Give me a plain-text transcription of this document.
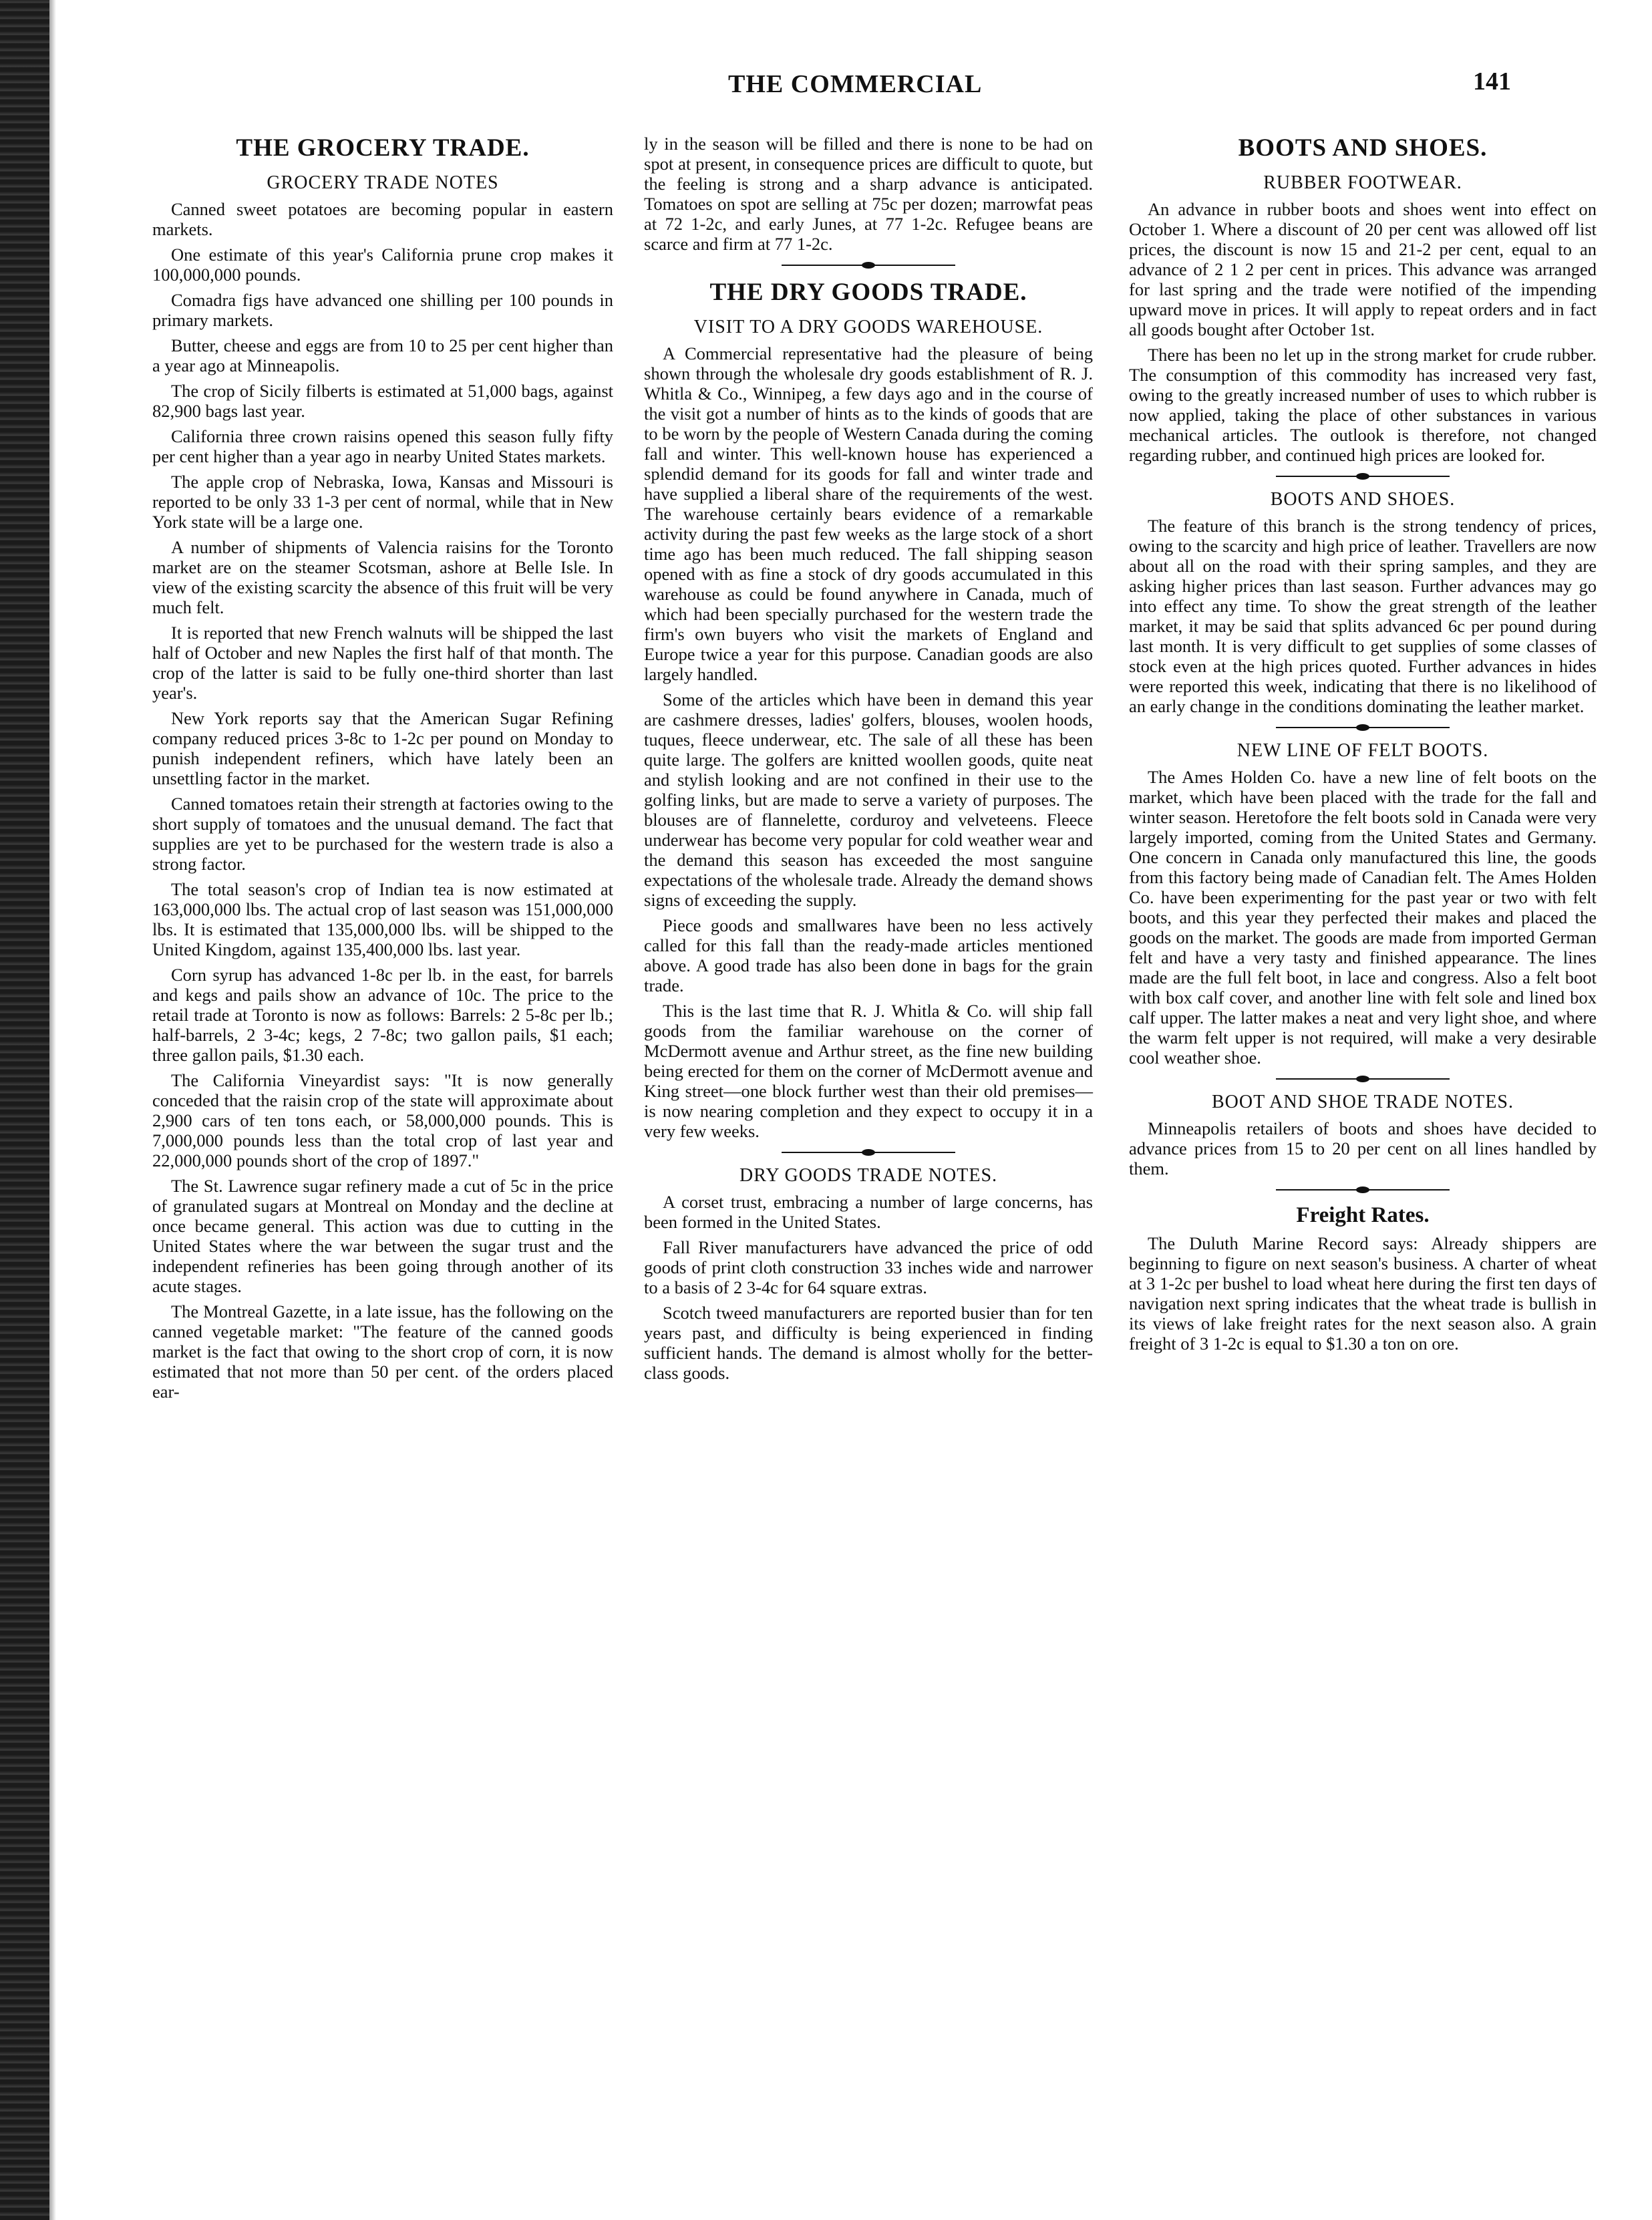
THE COMMERCIAL	141
THE GROCERY TRADE.
GROCERY TRADE NOTES

Canned sweet potatoes are becoming popular in eastern markets.

One estimate of this year's California prune crop makes it 100,000,000 pounds.

Comadra figs have advanced one shilling per 100 pounds in primary markets.

Butter, cheese and eggs are from 10 to 25 per cent higher than a year ago at Minneapolis.

The crop of Sicily filberts is estimated at 51,000 bags, against 82,900 bags last year.

California three crown raisins opened this season fully fifty per cent higher than a year ago in nearby United States markets.

The apple crop of Nebraska, Iowa, Kansas and Missouri is reported to be only 33 1-3 per cent of normal, while that in New York state will be a large one.

A number of shipments of Valencia raisins for the Toronto market are on the steamer Scotsman, ashore at Belle Isle. In view of the existing scarcity the absence of this fruit will be very much felt.

It is reported that new French walnuts will be shipped the last half of October and new Naples the first half of that month. The crop of the latter is said to be fully one-third shorter than last year's.

New York reports say that the American Sugar Refining company reduced prices 3-8c to 1-2c per pound on Monday to punish independent refiners, which have lately been an unsettling factor in the market.

Canned tomatoes retain their strength at factories owing to the short supply of tomatoes and the unusual demand. The fact that supplies are yet to be purchased for the western trade is also a strong factor.

The total season's crop of Indian tea is now estimated at 163,000,000 lbs. The actual crop of last season was 151,000,000 lbs. It is estimated that 135,000,000 lbs. will be shipped to the United Kingdom, against 135,400,000 lbs. last year.

Corn syrup has advanced 1-8c per lb. in the east, for barrels and kegs and pails show an advance of 10c. The price to the retail trade at Toronto is now as follows: Barrels: 2 5-8c per lb.; half-barrels, 2 3-4c; kegs, 2 7-8c; two gallon pails, $1 each; three gallon pails, $1.30 each.

The California Vineyardist says: "It is now generally conceded that the raisin crop of the state will approximate about 2,900 cars of ten tons each, or 58,000,000 pounds. This is 7,000,000 pounds less than the total crop of last year and 22,000,000 pounds short of the crop of 1897."

The St. Lawrence sugar refinery made a cut of 5c in the price of granulated sugars at Montreal on Monday and the decline at once became general. This action was due to cutting in the United States where the war between the sugar trust and the independent refineries has been going through another of its acute stages.

The Montreal Gazette, in a late issue, has the following on the canned vegetable market: "The feature of the canned goods market is the fact that owing to the short crop of corn, it is now estimated that not more than 50 per cent. of the orders placed ear-

ly in the season will be filled and there is none to be had on spot at present, in consequence prices are difficult to quote, but the feeling is strong and a sharp advance is anticipated. Tomatoes on spot are selling at 75c per dozen; marrowfat peas at 72 1-2c, and early Junes, at 77 1-2c. Refugee beans are scarce and firm at 77 1-2c.

THE DRY GOODS TRADE.
VISIT TO A DRY GOODS WAREHOUSE.

A Commercial representative had the pleasure of being shown through the wholesale dry goods establishment of R. J. Whitla & Co., Winnipeg, a few days ago and in the course of the visit got a number of hints as to the kinds of goods that are to be worn by the people of Western Canada during the coming fall and winter. This well-known house has experienced a splendid demand for its goods for fall and winter trade and have supplied a liberal share of the requirements of the west. The warehouse certainly bears evidence of a remarkable activity during the past few weeks as the large stock of a short time ago has been much reduced. The fall shipping season opened with as fine a stock of dry goods accumulated in this warehouse as could be found anywhere in Canada, much of which had been specially purchased for the western trade the firm's own buyers who visit the markets of England and Europe twice a year for this purpose. Canadian goods are also largely handled.

Some of the articles which have been in demand this year are cashmere dresses, ladies' golfers, blouses, woolen hoods, tuques, fleece underwear, etc. The sale of all these has been quite large. The golfers are knitted woollen goods, quite neat and stylish looking and are not confined in their use to the golfing links, but are made to serve a variety of purposes. The blouses are of flannelette, corduroy and velveteens. Fleece underwear has become very popular for cold weather wear and the demand this season has exceeded the most sanguine expectations of the wholesale trade. Already the demand shows signs of exceeding the supply.

Piece goods and smallwares have been no less actively called for this fall than the ready-made articles mentioned above. A good trade has also been done in bags for the grain trade.

This is the last time that R. J. Whitla & Co. will ship fall goods from the familiar warehouse on the corner of McDermott avenue and Arthur street, as the fine new building being erected for them on the corner of McDermott avenue and King street—one block further west than their old premises—is now nearing completion and they expect to occupy it in a very few weeks.

DRY GOODS TRADE NOTES.

A corset trust, embracing a number of large concerns, has been formed in the United States.

Fall River manufacturers have advanced the price of odd goods of print cloth construction 33 inches wide and narrower to a basis of 2 3-4c for 64 square extras.

Scotch tweed manufacturers are reported busier than for ten years past, and difficulty is being experienced in finding sufficient hands. The demand is almost wholly for the better-class goods.

BOOTS AND SHOES.
RUBBER FOOTWEAR.

An advance in rubber boots and shoes went into effect on October 1. Where a discount of 20 per cent was allowed off list prices, the discount is now 15 and 21-2 per cent, equal to an advance of 2 1 2 per cent in prices. This advance was arranged for last spring and the trade were notified of the impending upward move in prices. It will apply to repeat orders and in fact all goods bought after October 1st.

There has been no let up in the strong market for crude rubber. The consumption of this commodity has increased very fast, owing to the greatly increased number of uses to which rubber is now applied, taking the place of other substances in various mechanical articles. The outlook is therefore, not changed regarding rubber, and continued high prices are looked for.

BOOTS AND SHOES.

The feature of this branch is the strong tendency of prices, owing to the scarcity and high price of leather. Travellers are now about all on the road with their spring samples, and they are asking higher prices than last season. Further advances may go into effect any time. To show the great strength of the leather market, it may be said that splits advanced 6c per pound during last month. It is very difficult to get supplies of some classes of stock even at the high prices quoted. Further advances in hides were reported this week, indicating that there is no likelihood of an early change in the conditions dominating the leather market.

NEW LINE OF FELT BOOTS.

The Ames Holden Co. have a new line of felt boots on the market, which have been placed with the trade for the fall and winter season. Heretofore the felt boots sold in Canada were very largely imported, coming from the United States and Germany. One concern in Canada only manufactured this line, the goods from this factory being made of Canadian felt. The Ames Holden Co. have been experimenting for the past year or two with felt boots, and this year they perfected their makes and placed the goods on the market. The goods are made from imported German felt and have a very tasty and finished appearance. The lines made are the full felt boot, in lace and congress. Also a felt boot with box calf cover, and another line with felt sole and lined box calf upper. The latter makes a neat and very light shoe, and where the warm felt upper is not required, will make a very desirable cool weather shoe.

BOOT AND SHOE TRADE NOTES.

Minneapolis retailers of boots and shoes have decided to advance prices from 15 to 20 per cent on all lines handled by them.

Freight Rates.

The Duluth Marine Record says: Already shippers are beginning to figure on next season's business. A charter of wheat at 3 1-2c per bushel to load wheat here during the first ten days of navigation next spring indicates that the wheat trade is bullish in its views of lake freight rates for the next season also. A grain freight of 3 1-2c is equal to $1.30 a ton on ore.
